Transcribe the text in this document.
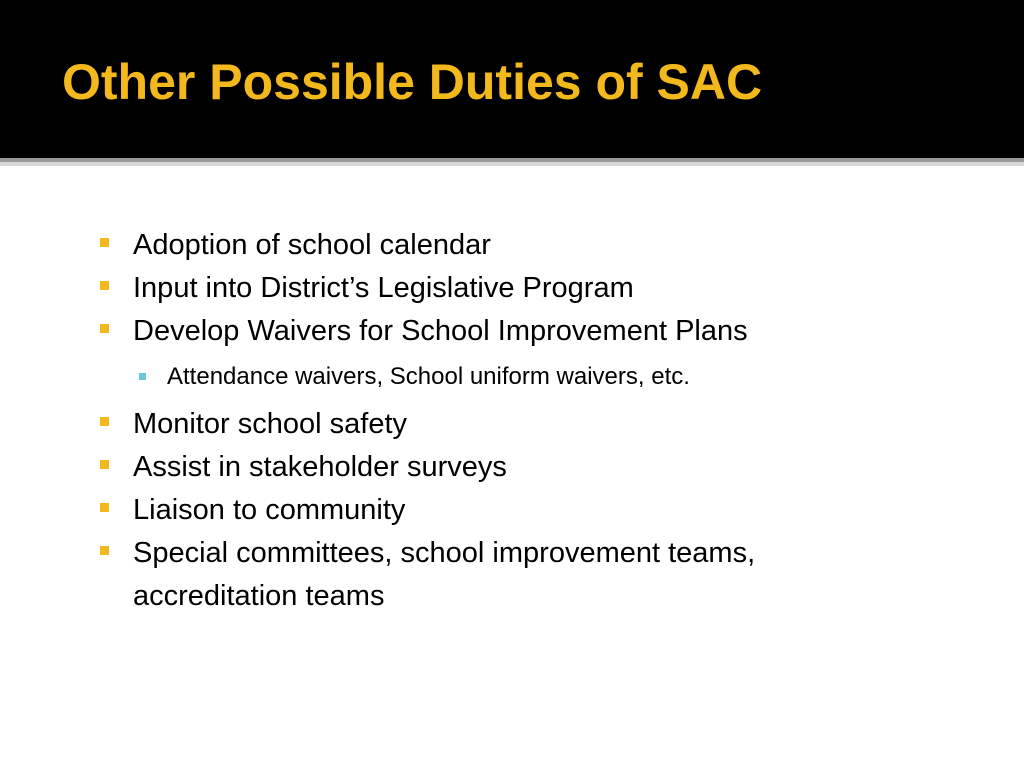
Other Possible Duties of SAC
Adoption of school calendar
Input into District’s Legislative Program
Develop Waivers for School Improvement Plans
Attendance waivers, School uniform waivers, etc.
Monitor school safety
Assist in stakeholder surveys
Liaison to community
Special committees, school improvement teams, accreditation teams
